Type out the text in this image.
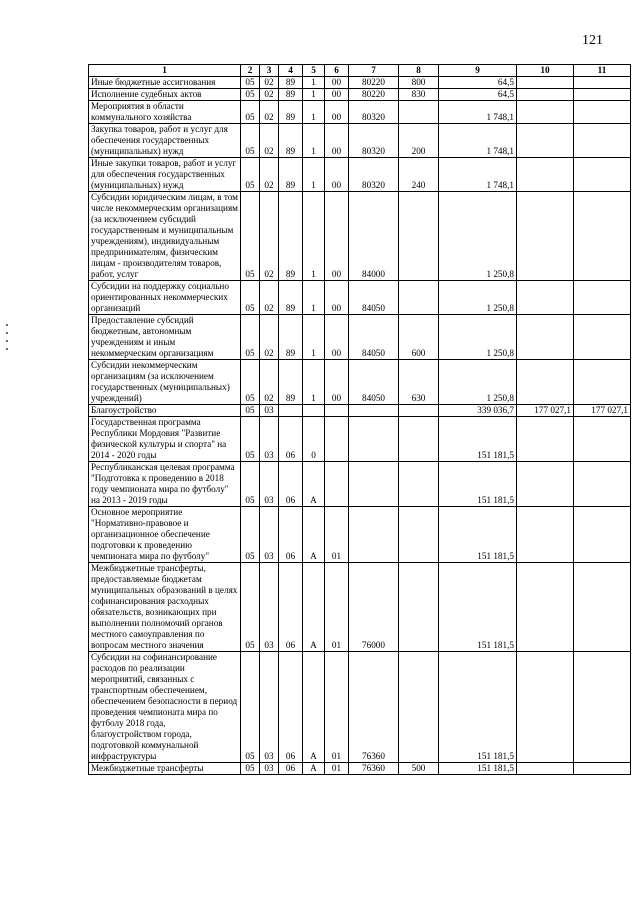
121
1	2	3	4	5	6	7	8	9	10	11
Иные бюджетные ассигнования	05	02	89	1	00	80220	800	64,5		
Исполнение судебных актов	05	02	89	1	00	80220	830	64,5		
Мероприятия в области коммунального хозяйства	05	02	89	1	00	80320		1 748,1		
Закупка товаров, работ и услуг для обеспечения государственных (муниципальных) нужд	05	02	89	1	00	80320	200	1 748,1		
Иные закупки товаров, работ и услуг для обеспечения государственных (муниципальных) нужд	05	02	89	1	00	80320	240	1 748,1		
Субсидии юридическим лицам, в том числе некоммерческим организациям (за исключением субсидий государственным и муниципальным учреждениям), индивидуальным предпринимателям, физическим лицам - производителям товаров, работ, услуг	05	02	89	1	00	84000		1 250,8		
Субсидии на поддержку социально ориентированных некоммерческих организаций	05	02	89	1	00	84050		1 250,8		
Предоставление субсидий бюджетным, автономным учреждениям и иным некоммерческим организациям	05	02	89	1	00	84050	600	1 250,8		
Субсидии некоммерческим организациям (за исключением государственных (муниципальных) учреждений)	05	02	89	1	00	84050	630	1 250,8		
Благоустройство	05	03						339 036,7	177 027,1	177 027,1
Государственная программа Республики Мордовия "Развитие физической культуры и спорта" на 2014 - 2020 годы	05	03	06	0				151 181,5		
Республиканская целевая программа "Подготовка к проведению в 2018 году чемпионата мира по футболу" на 2013 - 2019 годы	05	03	06	А				151 181,5		
Основное мероприятие "Нормативно-правовое и организационное обеспечение подготовки к проведению чемпионата мира по футболу"	05	03	06	А	01			151 181,5		
Межбюджетные трансферты, предоставляемые бюджетам муниципальных образований в целях софинансирования расходных обязательств, возникающих при выполнении полномочий органов местного самоуправления по вопросам местного значения	05	03	06	А	01	76000		151 181,5		
Субсидии на софинансирование расходов по реализации мероприятий, связанных с транспортным обеспечением, обеспечением безопасности в период проведения чемпионата мира по футболу 2018 года, благоустройством города, подготовкой коммунальной инфраструктуры	05	03	06	А	01	76360		151 181,5		
Межбюджетные трансферты	05	03	06	А	01	76360	500	151 181,5		
